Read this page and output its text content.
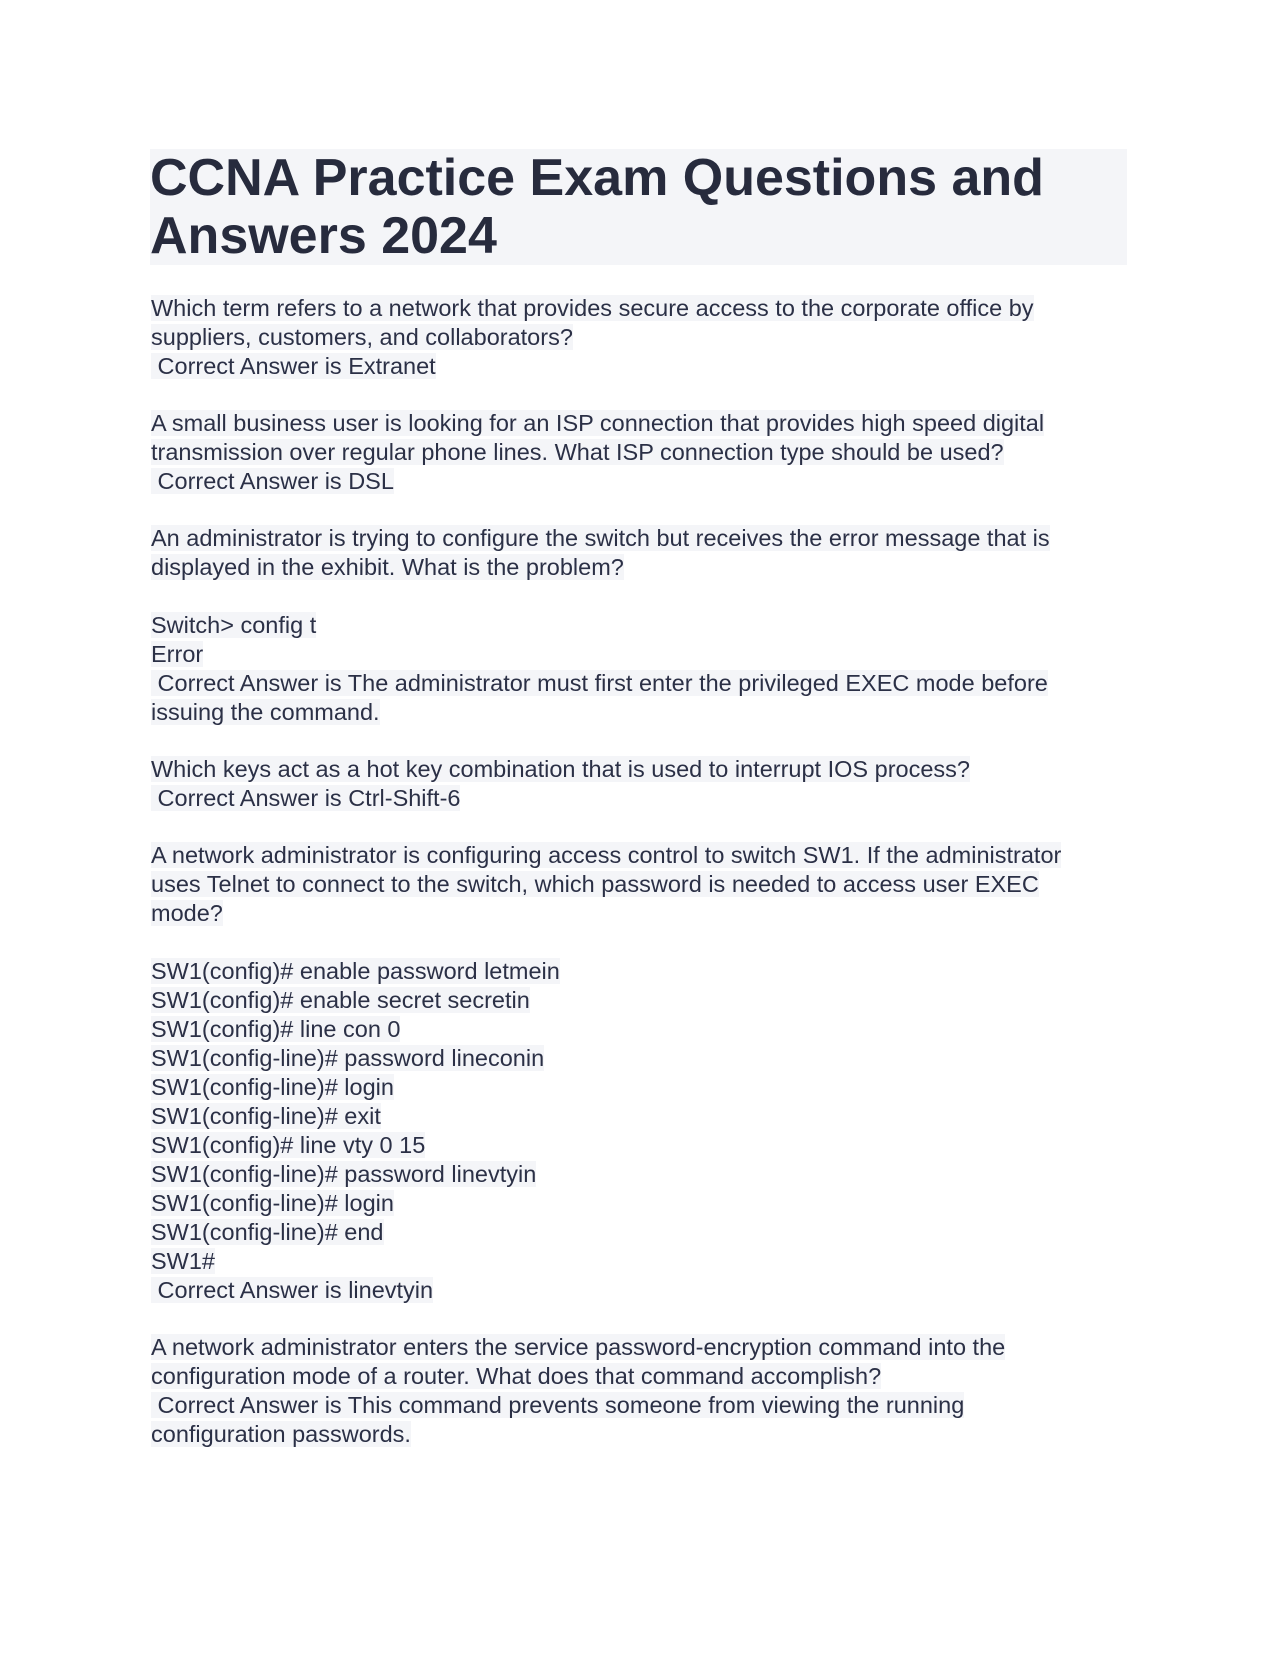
CCNA Practice Exam Questions and
Answers 2024
Which term refers to a network that provides secure access to the corporate office by
suppliers, customers, and collaborators?
Correct Answer is Extranet
A small business user is looking for an ISP connection that provides high speed digital
transmission over regular phone lines. What ISP connection type should be used?
Correct Answer is DSL
An administrator is trying to configure the switch but receives the error message that is
displayed in the exhibit. What is the problem?
Switch> config t
Error
Correct Answer is The administrator must first enter the privileged EXEC mode before
issuing the command.
Which keys act as a hot key combination that is used to interrupt IOS process?
Correct Answer is Ctrl-Shift-6
A network administrator is configuring access control to switch SW1. If the administrator
uses Telnet to connect to the switch, which password is needed to access user EXEC
mode?
SW1(config)# enable password letmein
SW1(config)# enable secret secretin
SW1(config)# line con 0
SW1(config-line)# password lineconin
SW1(config-line)# login
SW1(config-line)# exit
SW1(config)# line vty 0 15
SW1(config-line)# password linevtyin
SW1(config-line)# login
SW1(config-line)# end
SW1#
Correct Answer is linevtyin
A network administrator enters the service password-encryption command into the
configuration mode of a router. What does that command accomplish?
Correct Answer is This command prevents someone from viewing the running
configuration passwords.
